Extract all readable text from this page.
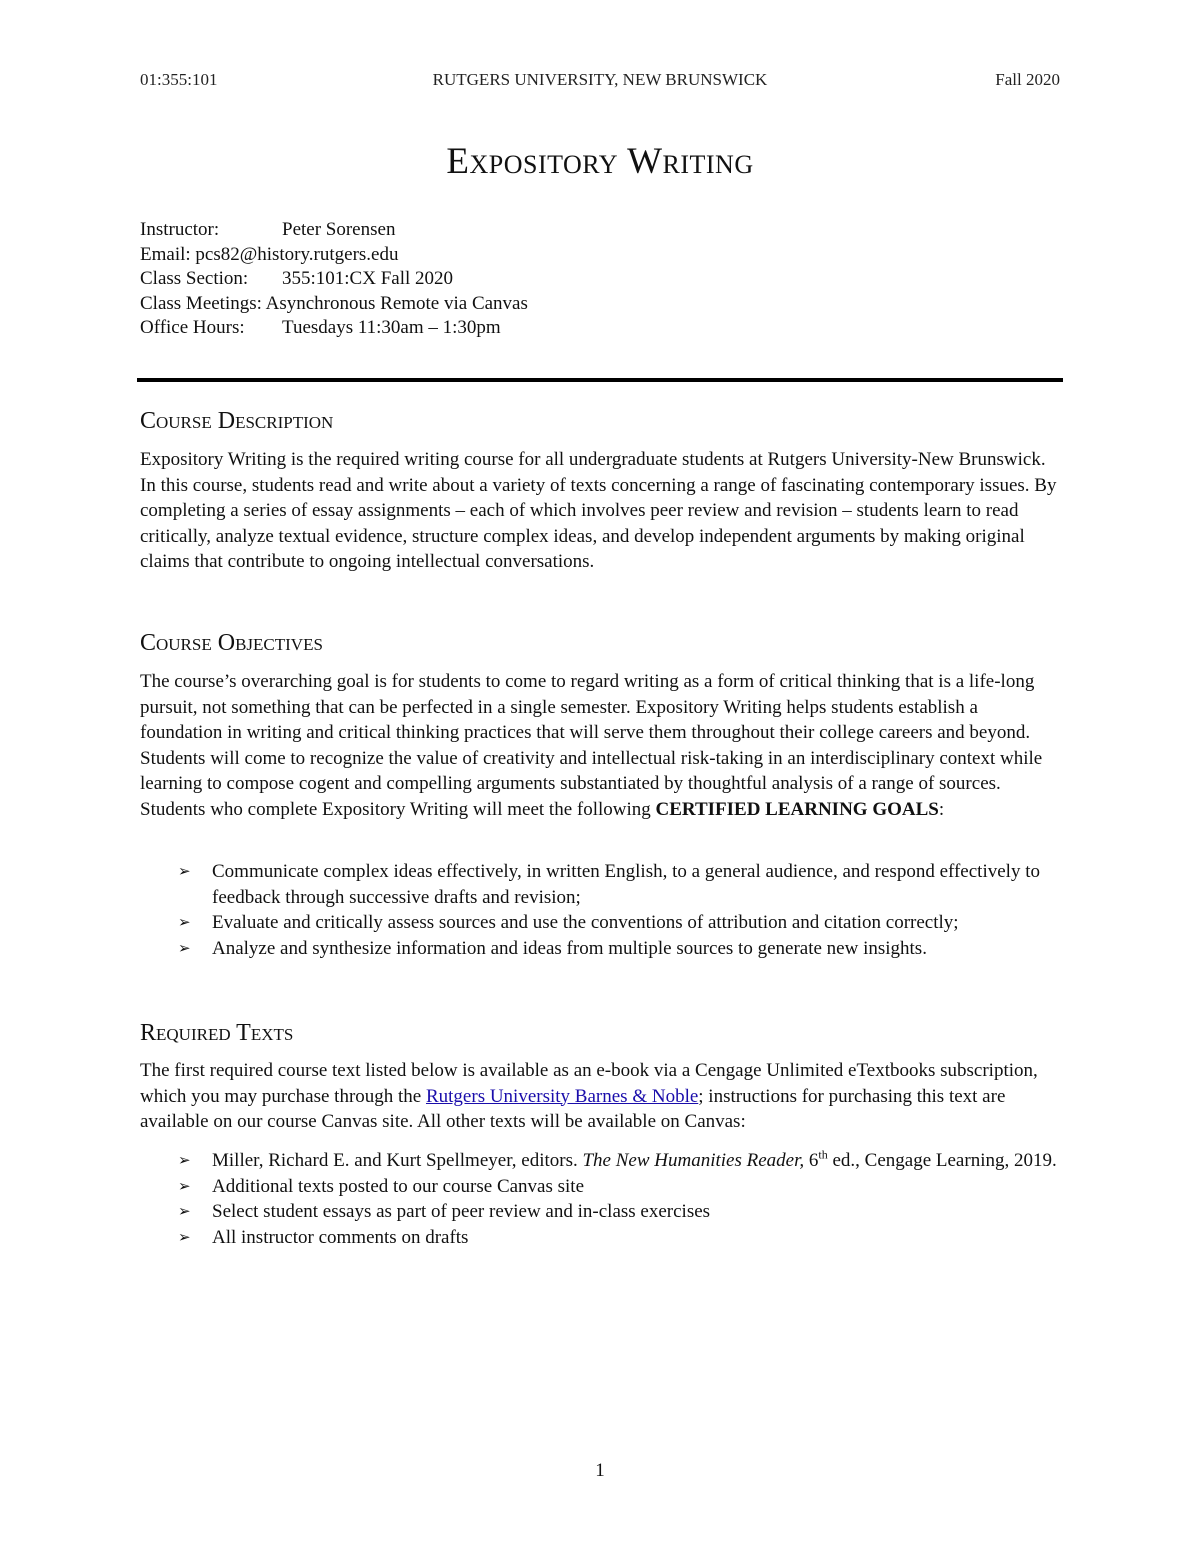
01:355:101	RUTGERS UNIVERSITY, NEW BRUNSWICK	Fall 2020
Expository Writing
Instructor:	Peter Sorensen
Email: pcs82@history.rutgers.edu
Class Section: 355:101:CX Fall 2020
Class Meetings: Asynchronous Remote via Canvas
Office Hours: Tuesdays 11:30am – 1:30pm
Course Description

Expository Writing is the required writing course for all undergraduate students at Rutgers University-New Brunswick. In this course, students read and write about a variety of texts concerning a range of fascinating contemporary issues. By completing a series of essay assignments – each of which involves peer review and revision – students learn to read critically, analyze textual evidence, structure complex ideas, and develop independent arguments by making original claims that contribute to ongoing intellectual conversations.

Course Objectives

The course’s overarching goal is for students to come to regard writing as a form of critical thinking that is a life-long pursuit, not something that can be perfected in a single semester. Expository Writing helps students establish a foundation in writing and critical thinking practices that will serve them throughout their college careers and beyond. Students will come to recognize the value of creativity and intellectual risk-taking in an interdisciplinary context while learning to compose cogent and compelling arguments substantiated by thoughtful analysis of a range of sources. Students who complete Expository Writing will meet the following CERTIFIED LEARNING GOALS:

➢ Communicate complex ideas effectively, in written English, to a general audience, and respond effectively to feedback through successive drafts and revision;
➢ Evaluate and critically assess sources and use the conventions of attribution and citation correctly;
➢ Analyze and synthesize information and ideas from multiple sources to generate new insights.
Required Texts

The first required course text listed below is available as an e-book via a Cengage Unlimited eTextbooks subscription, which you may purchase through the Rutgers University Barnes & Noble; instructions for purchasing this text are available on our course Canvas site. All other texts will be available on Canvas:

➢ Miller, Richard E. and Kurt Spellmeyer, editors. The New Humanities Reader, 6th ed., Cengage Learning, 2019.
➢ Additional texts posted to our course Canvas site
➢ Select student essays as part of peer review and in-class exercises
➢ All instructor comments on drafts
1
